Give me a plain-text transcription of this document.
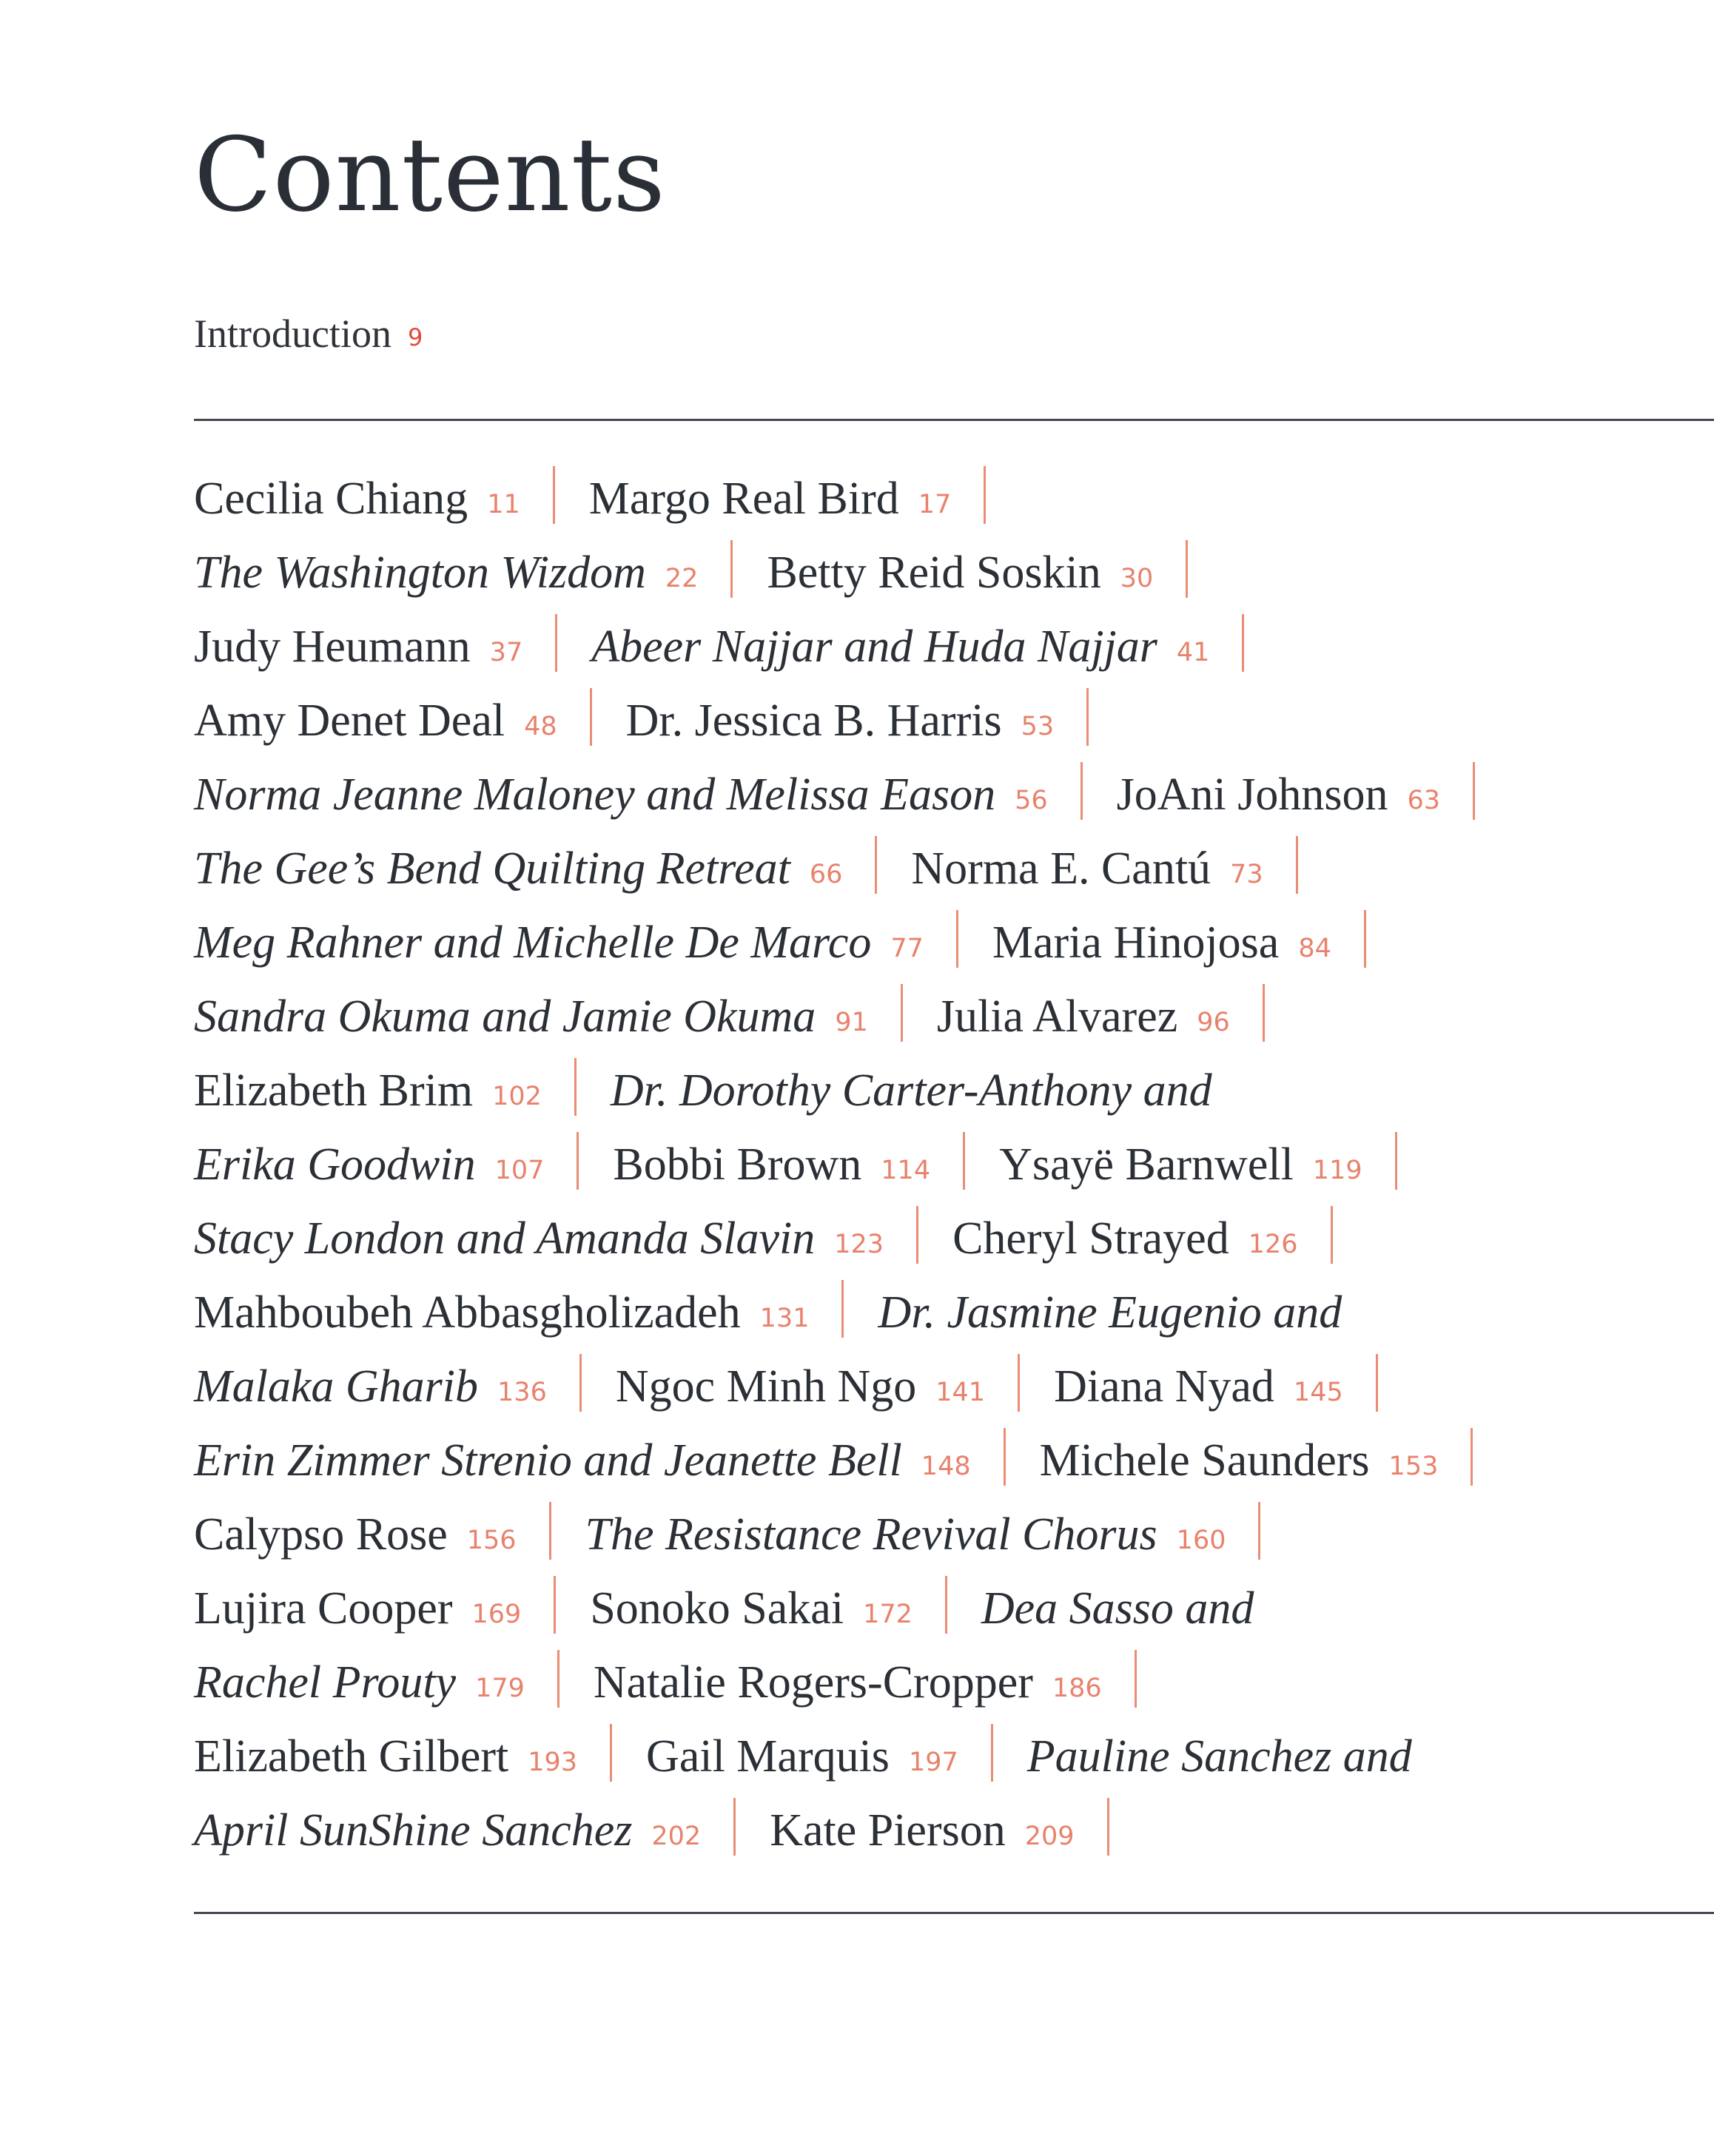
Contents
Introduction 9
Cecilia Chiang 11 Margo Real Bird 17
The Washington Wizdom 22 Betty Reid Soskin 30
Judy Heumann 37 Abeer Najjar and Huda Najjar 41
Amy Denet Deal 48 Dr. Jessica B. Harris 53
Norma Jeanne Maloney and Melissa Eason 56 JoAni Johnson 63
The Gee’s Bend Quilting Retreat 66 Norma E. Cantú 73
Meg Rahner and Michelle De Marco 77 Maria Hinojosa 84
Sandra Okuma and Jamie Okuma 91 Julia Alvarez 96
Elizabeth Brim 102 Dr. Dorothy Carter-Anthony and
Erika Goodwin 107 Bobbi Brown 114 Ysayë Barnwell 119
Stacy London and Amanda Slavin 123 Cheryl Strayed 126
Mahboubeh Abbasgholizadeh 131 Dr. Jasmine Eugenio and
Malaka Gharib 136 Ngoc Minh Ngo 141 Diana Nyad 145
Erin Zimmer Strenio and Jeanette Bell 148 Michele Saunders 153
Calypso Rose 156 The Resistance Revival Chorus 160
Lujira Cooper 169 Sonoko Sakai 172 Dea Sasso and
Rachel Prouty 179 Natalie Rogers-Cropper 186
Elizabeth Gilbert 193 Gail Marquis 197 Pauline Sanchez and
April SunShine Sanchez 202 Kate Pierson 209
